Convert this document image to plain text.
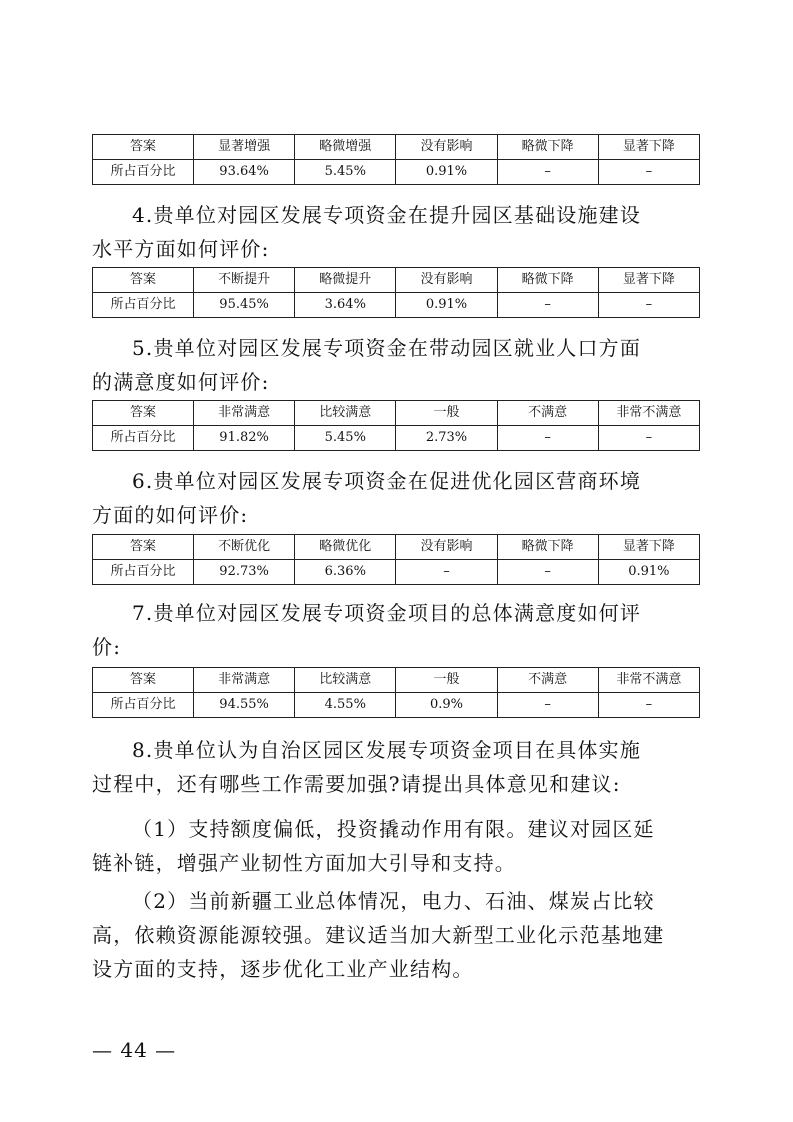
答案	显著增强	略微增强	没有影响	略微下降	显著下降
所占百分比	93.64%	5.45%	0.91%	–	–
4.贵单位对园区发展专项资金在提升园区基础设施建设
水平方面如何评价:
答案	不断提升	略微提升	没有影响	略微下降	显著下降
所占百分比	95.45%	3.64%	0.91%	–	–
5.贵单位对园区发展专项资金在带动园区就业人口方面
的满意度如何评价:
答案	非常满意	比较满意	一般	不满意	非常不满意
所占百分比	91.82%	5.45%	2.73%	–	–
6.贵单位对园区发展专项资金在促进优化园区营商环境
方面的如何评价:
答案	不断优化	略微优化	没有影响	略微下降	显著下降
所占百分比	92.73%	6.36%	–	–	0.91%
7.贵单位对园区发展专项资金项目的总体满意度如何评
价:
答案	非常满意	比较满意	一般	不满意	非常不满意
所占百分比	94.55%	4.55%	0.9%	–	–
8.贵单位认为自治区园区发展专项资金项目在具体实施
过程中，还有哪些工作需要加强?请提出具体意见和建议:
（1）支持额度偏低，投资撬动作用有限。建议对园区延
链补链，增强产业韧性方面加大引导和支持。
（2）当前新疆工业总体情况，电力、石油、煤炭占比较
高，依赖资源能源较强。建议适当加大新型工业化示范基地建
设方面的支持，逐步优化工业产业结构。
— 44 —
